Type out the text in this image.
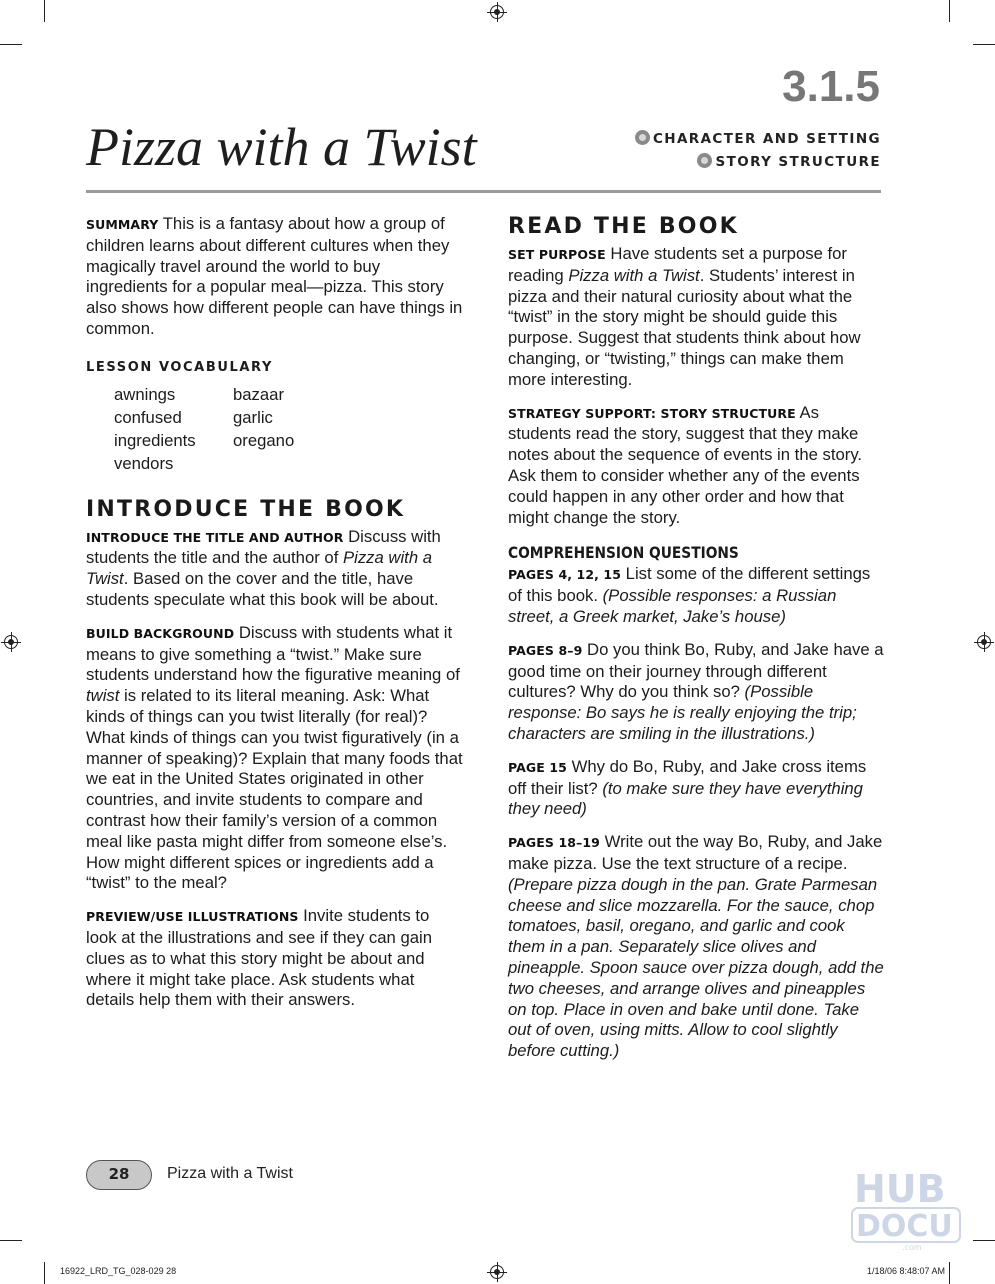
3.1.5
Pizza with a Twist	CHARACTER AND SETTING
STORY STRUCTURE

SUMMARY This is a fantasy about how a group of children learns about different cultures when they magically travel around the world to buy ingredients for a popular meal—pizza. This story also shows how different people can have things in common.

LESSON VOCABULARY
awnings	bazaar
confused	garlic
ingredients	oregano
vendors
INTRODUCE THE BOOK

INTRODUCE THE TITLE AND AUTHOR Discuss with students the title and the author of Pizza with a Twist. Based on the cover and the title, have students speculate what this book will be about.

BUILD BACKGROUND Discuss with students what it means to give something a “twist.” Make sure students understand how the figurative meaning of twist is related to its literal meaning. Ask: What kinds of things can you twist literally (for real)? What kinds of things can you twist figuratively (in a manner of speaking)? Explain that many foods that we eat in the United States originated in other countries, and invite students to compare and contrast how their family’s version of a common meal like pasta might differ from someone else’s. How might different spices or ingredients add a “twist” to the meal?

PREVIEW/USE ILLUSTRATIONS Invite students to look at the illustrations and see if they can gain clues as to what this story might be about and where it might take place. Ask students what details help them with their answers.

READ THE BOOK

SET PURPOSE Have students set a purpose for reading Pizza with a Twist. Students’ interest in pizza and their natural curiosity about what the “twist” in the story might be should guide this purpose. Suggest that students think about how changing, or “twisting,” things can make them more interesting.

STRATEGY SUPPORT: STORY STRUCTURE As students read the story, suggest that they make notes about the sequence of events in the story. Ask them to consider whether any of the events could happen in any other order and how that might change the story.

COMPREHENSION QUESTIONS

PAGES 4, 12, 15 List some of the different settings of this book. (Possible responses: a Russian street, a Greek market, Jake’s house)

PAGES 8–9 Do you think Bo, Ruby, and Jake have a good time on their journey through different cultures? Why do you think so? (Possible response: Bo says he is really enjoying the trip; characters are smiling in the illustrations.)

PAGE 15 Why do Bo, Ruby, and Jake cross items off their list? (to make sure they have everything they need)

PAGES 18–19 Write out the way Bo, Ruby, and Jake make pizza. Use the text structure of a recipe. (Prepare pizza dough in the pan. Grate Parmesan cheese and slice mozzarella. For the sauce, chop tomatoes, basil, oregano, and garlic and cook them in a pan. Separately slice olives and pineapple. Spoon sauce over pizza dough, add the two cheeses, and arrange olives and pineapples on top. Place in oven and bake until done. Take out of oven, using mitts. Allow to cool slightly before cutting.)

28	Pizza with a Twist
16922_LRD_TG_028-029 28	1/18/06 8:48:07 AM
HUB
DOCU
.com
